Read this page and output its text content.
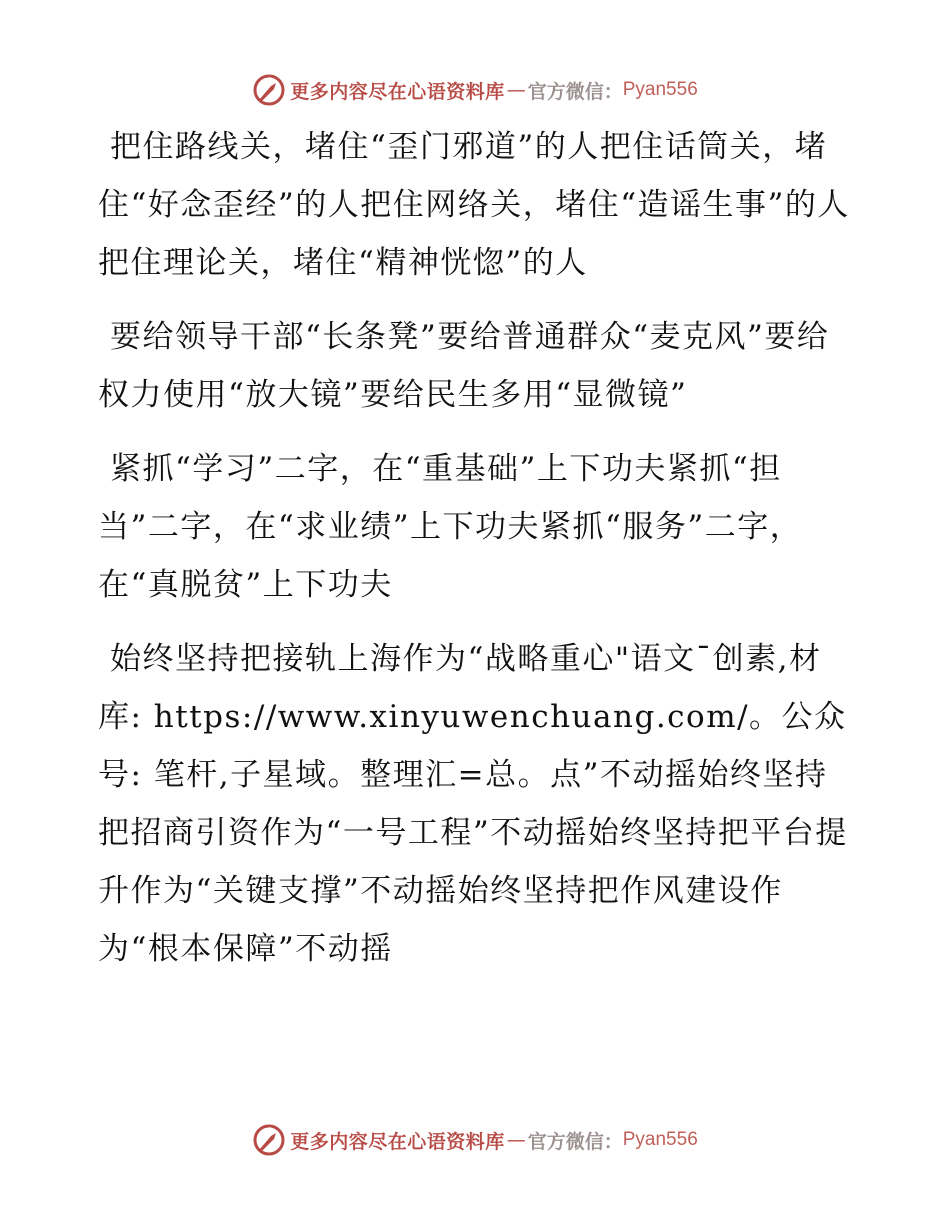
更多内容尽在心语资料库 — 官方微信： Pyan556

把住路线关，堵住“歪门邪道”的人把住话筒关，堵住“好念歪经”的人把住网络关，堵住“造谣生事”的人把住理论关，堵住“精神恍惚”的人

要给领导干部“长条凳”要给普通群众“麦克风”要给权力使用“放大镜”要给民生多用“显微镜”

紧抓“学习”二字，在“重基础”上下功夫紧抓“担当”二字，在“求业绩”上下功夫紧抓“服务”二字，在“真脱贫”上下功夫

始终坚持把接轨上海作为“战略重心"语文¯创素,材库: https://www.xinyuwenchuang.com/。公众号: 笔杆,子星域。整理汇=总。点”不动摇始终坚持把招商引资作为“一号工程”不动摇始终坚持把平台提升作为“关键支撑”不动摇始终坚持把作风建设作为“根本保障”不动摇

更多内容尽在心语资料库 — 官方微信： Pyan556
